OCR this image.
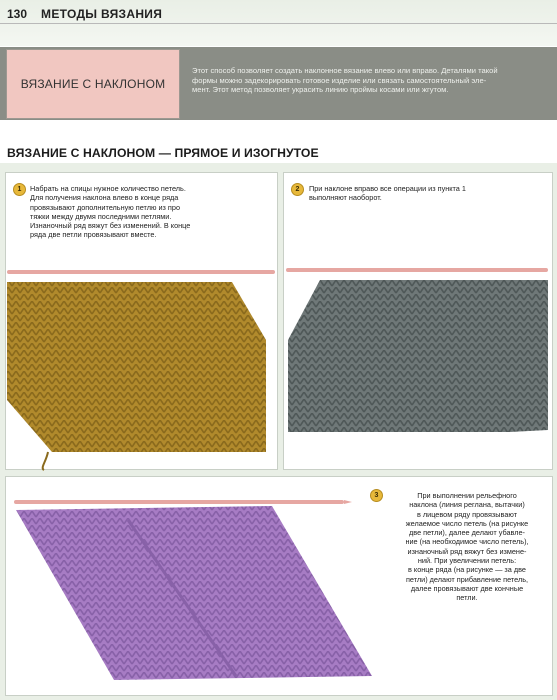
130 МЕТОДЫ ВЯЗАНИЯ
ВЯЗАНИЕ С НАКЛОНОМ
Этот способ позволяет создать наклонное вязание влево или вправо. Деталями такой
формы можно задекорировать готовое изделие или связать самостоятельный эле-
мент. Этот метод позволяет украсить линию проймы косами или жгутом.
ВЯЗАНИЕ С НАКЛОНОМ — ПРЯМОЕ И ИЗОГНУТОЕ
1	Набрать на спицы нужное количество петель.
Для получения наклона влево в конце ряда
провязывают дополнительную петлю из про
тяжки между двумя последними петлями.
Изнаночный ряд вяжут без изменений. В конце
ряда две петли провязывают вместе.
2	При наклоне вправо все операции из пункта 1
выполняют наоборот.
3	При выполнении рельефного
наклона (линия реглана, вытачки)
в лицевом ряду провязывают
желаемое число петель (на рисунке
две петли), далее делают убавле-
ние (на необходимое число петель),
изнаночный ряд вяжут без измене-
ний. При увеличении петель:
в конце ряда (на рисунке — за две
петли) делают прибавление петель,
далее провязывают две кончные
петли.
